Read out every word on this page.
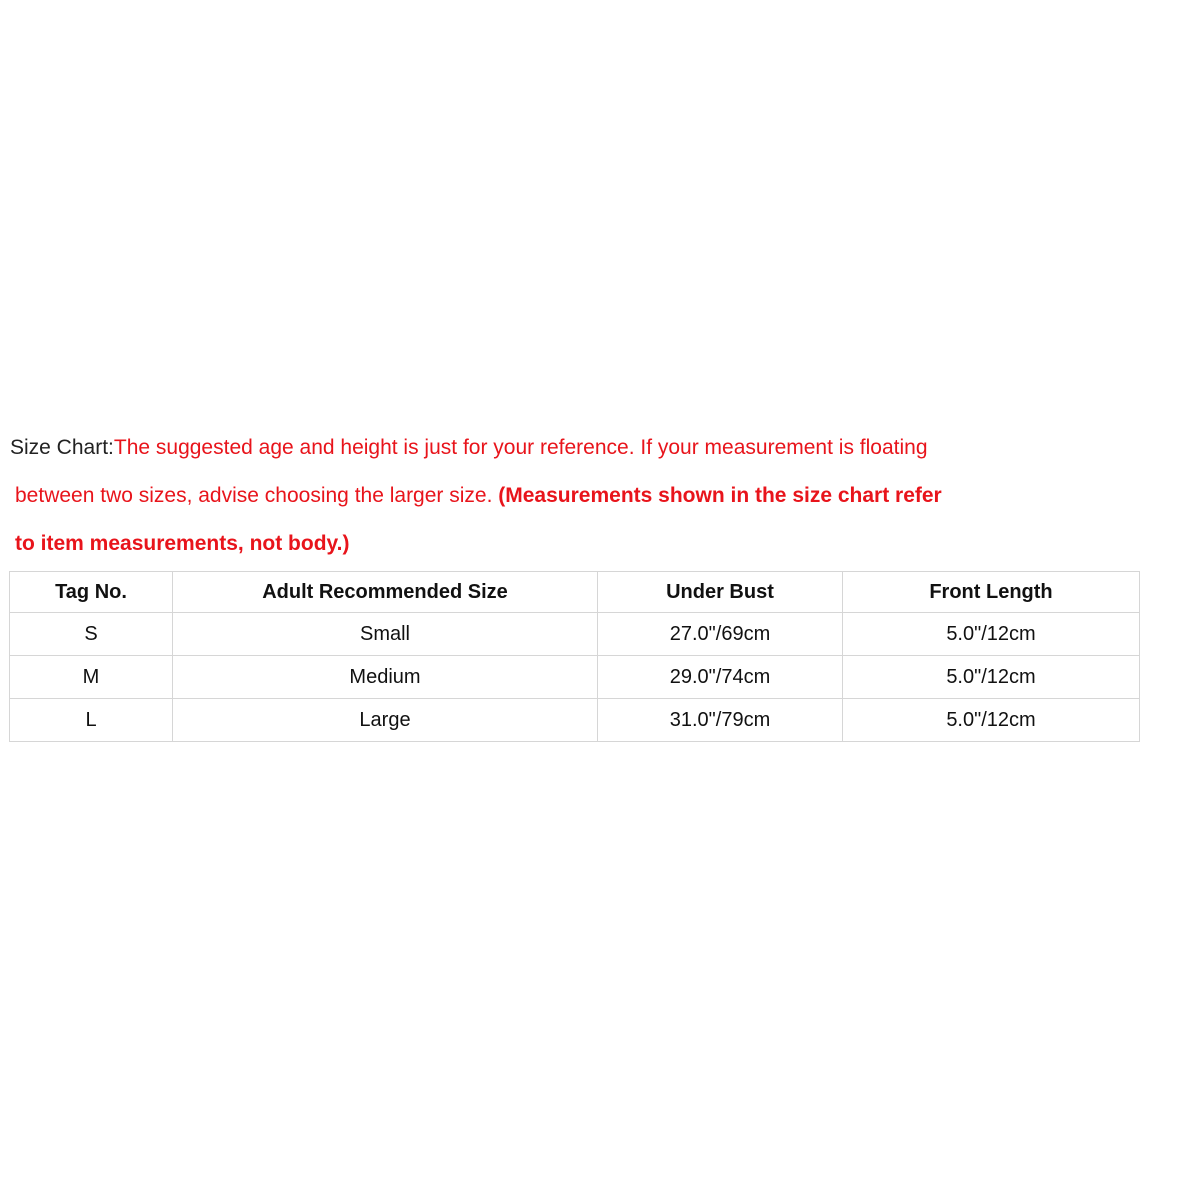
Size Chart:The suggested age and height is just for your reference. If your measurement is floating
between two sizes, advise choosing the larger size. (Measurements shown in the size chart refer
to item measurements, not body.)
Tag No.	Adult Recommended Size	Under Bust	Front Length
S	Small	27.0"/69cm	5.0"/12cm
M	Medium	29.0"/74cm	5.0"/12cm
L	Large	31.0"/79cm	5.0"/12cm
